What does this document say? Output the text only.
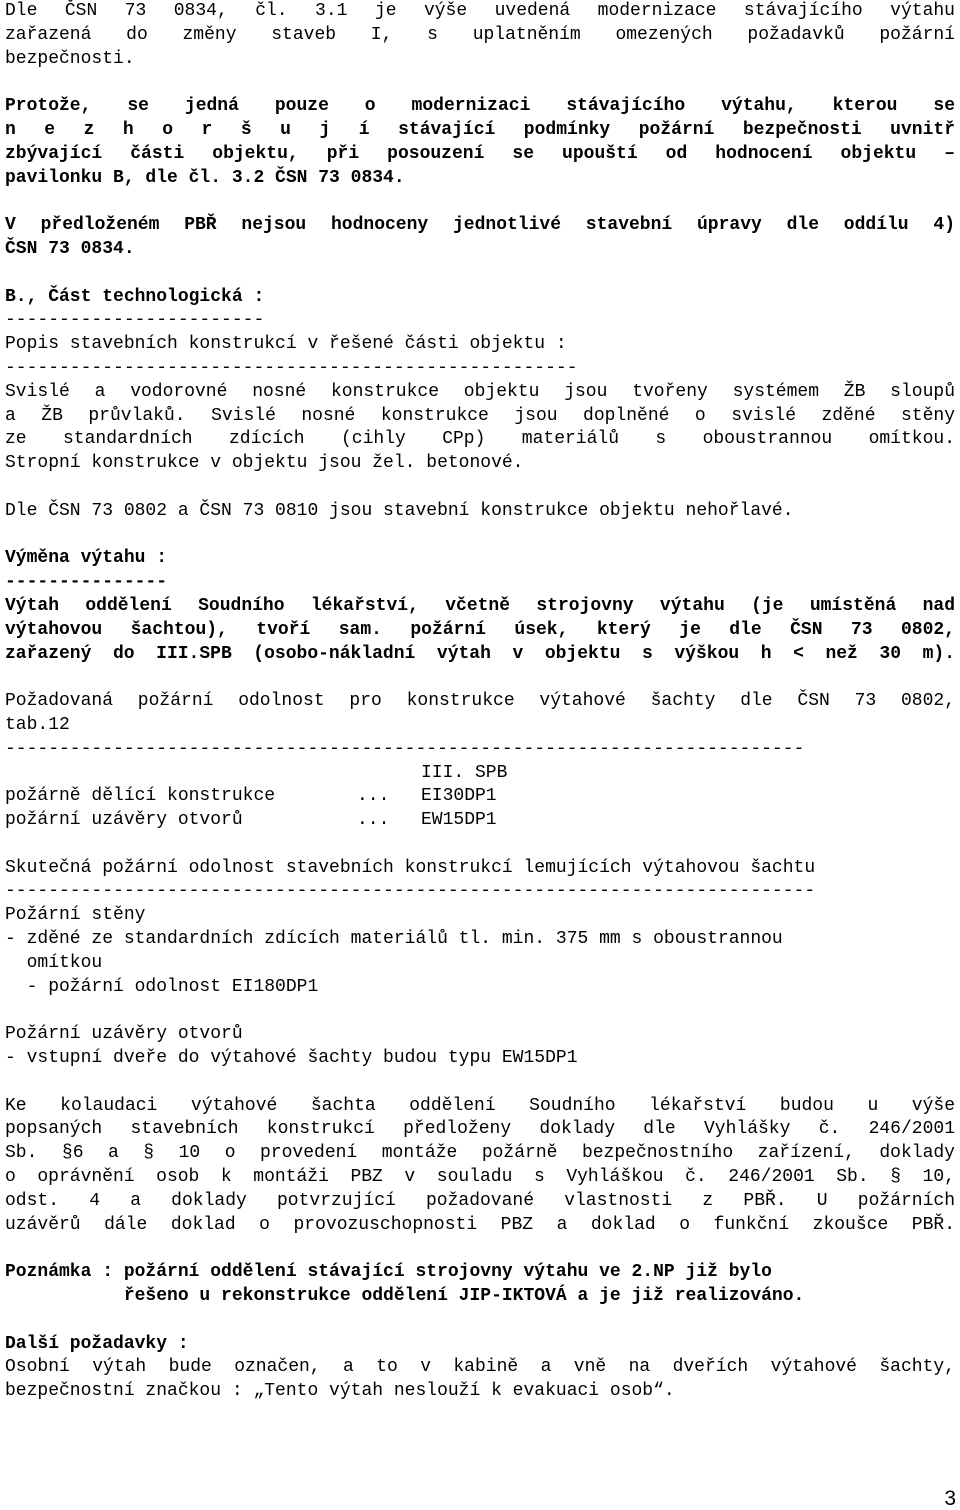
Dle ČSN 73 0834, čl. 3.1 je výše uvedená modernizace stávajícího výtahu
zařazená do změny staveb I, s uplatněním omezených požadavků požární
bezpečnosti.
Protože, se jedná pouze o modernizaci stávajícího výtahu, kterou se
n e z h o r š u j í stávající podmínky požární bezpečnosti uvnitř
zbývající části objektu, při posouzení se upouští od hodnocení objektu –
pavilonku B, dle čl. 3.2 ČSN 73 0834.
V předloženém PBŘ nejsou hodnoceny jednotlivé stavební úpravy dle oddílu 4)
ČSN 73 0834.
B., Část technologická :
------------------------
Popis stavebních konstrukcí v řešené části objektu :
-----------------------------------------------------
Svislé a vodorovné nosné konstrukce objektu jsou tvořeny systémem ŽB sloupů
a ŽB průvlaků. Svislé nosné konstrukce jsou doplněné o svislé zděné stěny
ze standardních zdících (cihly CPp) materiálů s oboustrannou omítkou.
Stropní konstrukce v objektu jsou žel. betonové.
Dle ČSN 73 0802 a ČSN 73 0810 jsou stavební konstrukce objektu nehořlavé.
Výměna výtahu :
---------------
Výtah oddělení Soudního lékařství, včetně strojovny výtahu (je umístěná nad
výtahovou šachtou), tvoří sam. požární úsek, který je dle ČSN 73 0802,
zařazený do III.SPB (osobo-nákladní výtah v objektu s výškou h < než 30 m).
Požadovaná požární odolnost pro konstrukce výtahové šachty dle ČSN 73 0802,
tab.12
--------------------------------------------------------------------------
III. SPB
požárně dělící konstrukce	... EI30DP1
požární uzávěry otvorů	... EW15DP1
Skutečná požární odolnost stavebních konstrukcí lemujících výtahovou šachtu
---------------------------------------------------------------------------
Požární stěny
- zděné ze standardních zdících materiálů tl. min. 375 mm s oboustrannou
omítkou
- požární odolnost EI180DP1
Požární uzávěry otvorů
- vstupní dveře do výtahové šachty budou typu EW15DP1
Ke kolaudaci výtahové šachta oddělení Soudního lékařství budou u výše
popsaných stavebních konstrukcí předloženy doklady dle Vyhlášky č. 246/2001
Sb. §6 a § 10 o provedení montáže požárně bezpečnostního zařízení, doklady
o oprávnění osob k montáži PBZ v souladu s Vyhláškou č. 246/2001 Sb. § 10,
odst. 4 a doklady potvrzující požadované vlastnosti z PBŘ. U požárních
uzávěrů dále doklad o provozuschopnosti PBZ a doklad o funkční zkoušce PBŘ.
Poznámka : požární oddělení stávající strojovny výtahu ve 2.NP již bylo
řešeno u rekonstrukce oddělení JIP-IKTOVÁ a je již realizováno.
Další požadavky :
Osobní výtah bude označen, a to v kabině a vně na dveřích výtahové šachty,
bezpečnostní značkou : „Tento výtah neslouží k evakuaci osob“.
3
